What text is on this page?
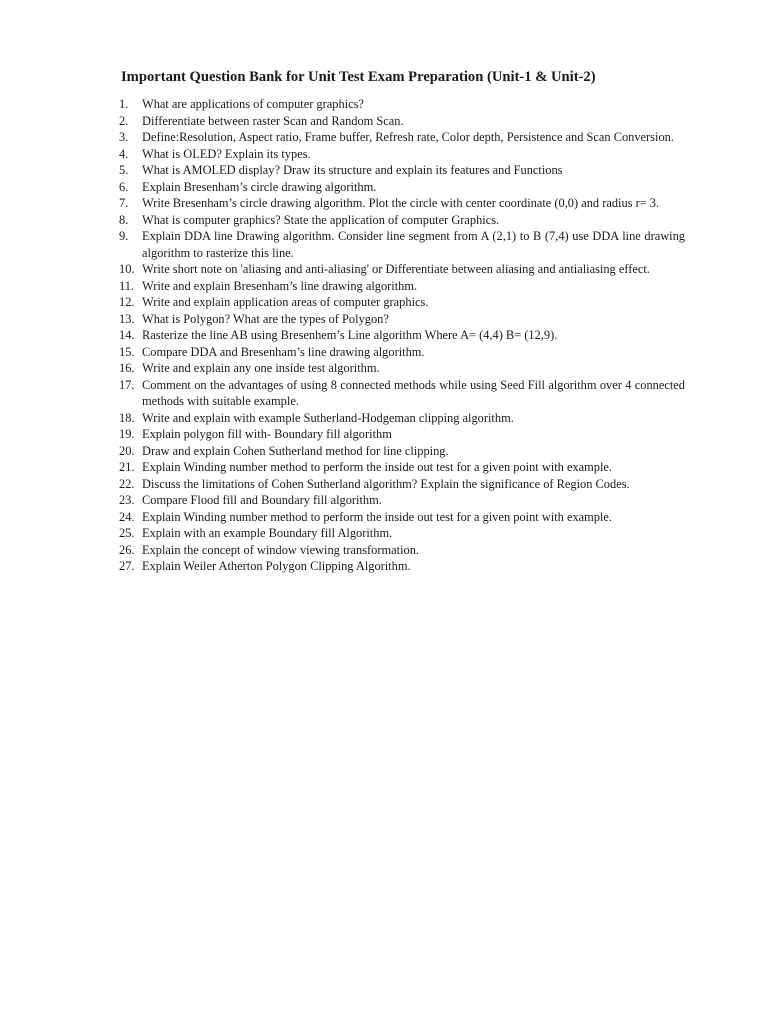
Important Question Bank for Unit Test Exam Preparation (Unit-1 & Unit-2)
1.	What are applications of computer graphics?
2.	Differentiate between raster Scan and Random Scan.
3.	Define:Resolution, Aspect ratio, Frame buffer, Refresh rate, Color depth, Persistence and Scan Conversion.
4.	What is OLED? Explain its types.
5.	What is AMOLED display? Draw its structure and explain its features and Functions
6.	Explain Bresenham’s circle drawing algorithm.
7.	Write Bresenham’s circle drawing algorithm. Plot the circle with center coordinate (0,0) and radius r= 3.
8.	What is computer graphics? State the application of computer Graphics.
9.	Explain DDA line Drawing algorithm. Consider line segment from A (2,1) to B (7,4) use DDA line drawing algorithm to rasterize this line.
10. Write short note on 'aliasing and anti-aliasing' or Differentiate between aliasing and antialiasing effect.
11. Write and explain Bresenham’s line drawing algorithm.
12. Write and explain application areas of computer graphics.
13. What is Polygon? What are the types of Polygon?
14. Rasterize the line AB using Bresenhem’s Line algorithm Where A= (4,4) B= (12,9).
15. Compare DDA and Bresenham’s line drawing algorithm.
16. Write and explain any one inside test algorithm.
17. Comment on the advantages of using 8 connected methods while using Seed Fill algorithm over 4 connected methods with suitable example.
18. Write and explain with example Sutherland-Hodgeman clipping algorithm.
19. Explain polygon fill with- Boundary fill algorithm
20. Draw and explain Cohen Sutherland method for line clipping.
21. Explain Winding number method to perform the inside out test for a given point with example.
22. Discuss the limitations of Cohen Sutherland algorithm? Explain the significance of Region Codes.
23. Compare Flood fill and Boundary fill algorithm.
24. Explain Winding number method to perform the inside out test for a given point with example.
25. Explain with an example Boundary fill Algorithm.
26. Explain the concept of window viewing transformation.
27. Explain Weiler Atherton Polygon Clipping Algorithm.
